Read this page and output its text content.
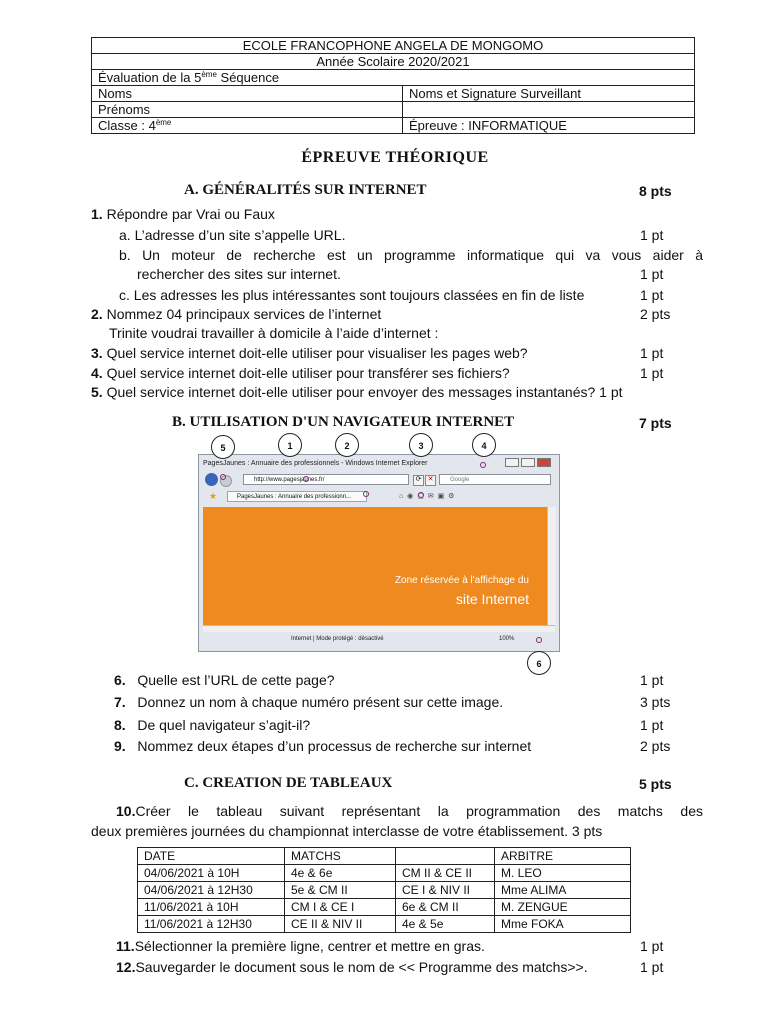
ECOLE FRANCOPHONE ANGELA DE MONGOMO	
Année Scolaire 2020/2021	
Évaluation de la 5ème Séquence	
Noms	Noms et Signature Surveillant
Prénoms	
Classe : 4ème	Épreuve : INFORMATIQUE
ÉPREUVE THÉORIQUE
A. GÉNÉRALITÉS SUR INTERNET	8 pts
1. Répondre par Vrai ou Faux
a. L’adresse d’un site s’appelle URL.	1 pt
b. Un moteur de recherche est un programme informatique qui va vous aider à
rechercher des sites sur internet.	1 pt
c. Les adresses les plus intéressantes sont toujours classées en fin de liste	1 pt
2. Nommez 04 principaux services de l’internet	2 pts
Trinite voudrai travailler à domicile à l’aide d’internet :
3. Quel service internet doit-elle utiliser pour visualiser les pages web?	1 pt
4. Quel service internet doit-elle utiliser pour transférer ses fichiers?	1 pt
5. Quel service internet doit-elle utiliser pour envoyer des messages instantanés? 1 pt
B. UTILISATION D'UN NAVIGATEUR INTERNET	7 pts
PagesJaunes : Annuaire des professionnels - Windows Internet Explorer
http://www.pagesjaunes.fr/	⟳ ✕	Google
★	PagesJaunes : Annuaire des professionn...	⌂ ◉ ▢ ✉ ▣ ⚙
Zone réservée à l'affichage du
site Internet
Internet | Mode protégé : désactivé	100%
5	1	2	3	4
6
6. Quelle est l’URL de cette page?	1 pt
7. Donnez un nom à chaque numéro présent sur cette image.	3 pts
8. De quel navigateur s’agit-il?	1 pt
9. Nommez deux étapes d’un processus de recherche sur internet	2 pts
C. CREATION DE TABLEAUX	5 pts
10.Créer le tableau suivant représentant la programmation des matchs des
deux premières journées du championnat interclasse de votre établissement. 3 pts
DATE	MATCHS		ARBITRE
04/06/2021 à 10H	4e & 6e	CM II & CE II	M. LEO
04/06/2021 à 12H30	5e & CM II	CE I & NIV II	Mme ALIMA
11/06/2021 à 10H	CM I & CE I	6e & CM II	M. ZENGUE
11/06/2021 à 12H30	CE II & NIV II	4e & 5e	Mme FOKA
11.Sélectionner la première ligne, centrer et mettre en gras.	1 pt
12.Sauvegarder le document sous le nom de << Programme des matchs>>.	1 pt
